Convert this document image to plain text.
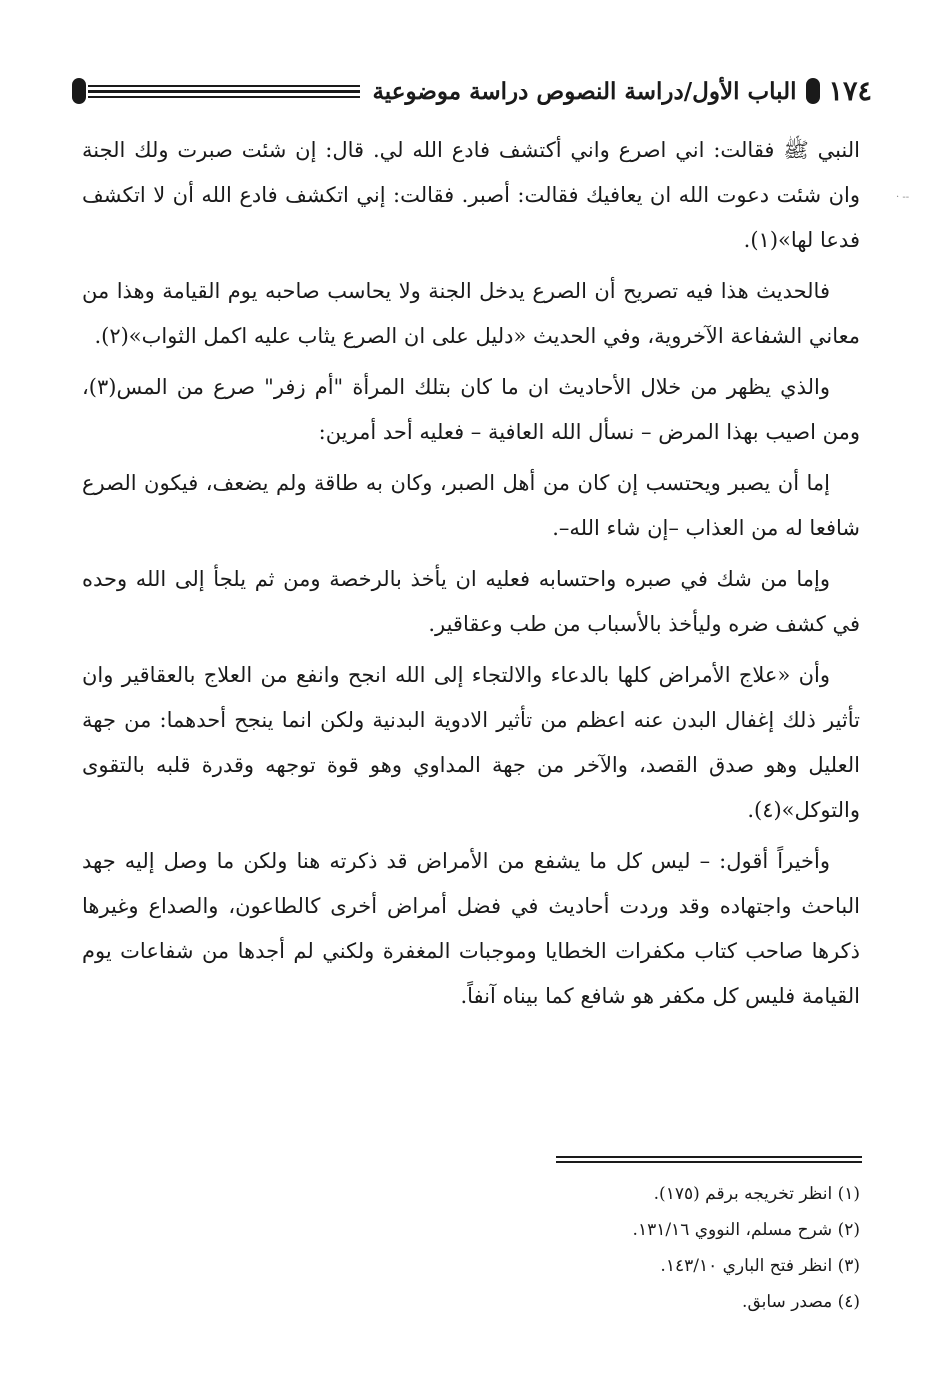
١٧٤
الباب الأول/دراسة النصوص دراسة موضوعية

النبي ﷺ فقالت: اني اصرع واني أكتشف فادع الله لي. قال: إن شئت صبرت ولك الجنة وان شئت دعوت الله ان يعافيك فقالت: أصبر. فقالت: إني اتكشف فادع الله أن لا اتكشف فدعا لها»(١).

فالحديث هذا فيه تصريح أن الصرع يدخل الجنة ولا يحاسب صاحبه يوم القيامة وهذا من معاني الشفاعة الآخروية، وفي الحديث «دليل على ان الصرع يثاب عليه اكمل الثواب»(٢).

والذي يظهر من خلال الأحاديث ان ما كان بتلك المرأة "أم زفر" صرع من المس(٣)، ومن اصيب بهذا المرض – نسأل الله العافية – فعليه أحد أمرين:

إما أن يصبر ويحتسب إن كان من أهل الصبر، وكان به طاقة ولم يضعف، فيكون الصرع شافعا له من العذاب –إن شاء الله–.

وإما من شك في صبره واحتسابه فعليه ان يأخذ بالرخصة ومن ثم يلجأ إلى الله وحده في كشف ضره وليأخذ بالأسباب من طب وعقاقير.

وأن «علاج الأمراض كلها بالدعاء والالتجاء إلى الله انجح وانفع من العلاج بالعقاقير وان تأثير ذلك إغفال البدن عنه اعظم من تأثير الادوية البدنية ولكن انما ينجح أحدهما: من جهة العليل وهو صدق القصد، والآخر من جهة المداوي وهو قوة توجهه وقدرة قلبه بالتقوى والتوكل»(٤).

وأخيراً أقول: – ليس كل ما يشفع من الأمراض قد ذكرته هنا ولكن ما وصل إليه جهد الباحث واجتهاده وقد وردت أحاديث في فضل أمراض أخرى كالطاعون، والصداع وغيرها ذكرها صاحب كتاب مكفرات الخطايا وموجبات المغفرة ولكني لم أجدها من شفاعات يوم القيامة فليس كل مكفر هو شافع كما بيناه آنفاً.

(١) انظر تخريجه برقم (١٧٥).
(٢) شرح مسلم، النووي ١٣١/١٦.
(٣) انظر فتح الباري ١٤٣/١٠.
(٤) مصدر سابق.
-- ·
